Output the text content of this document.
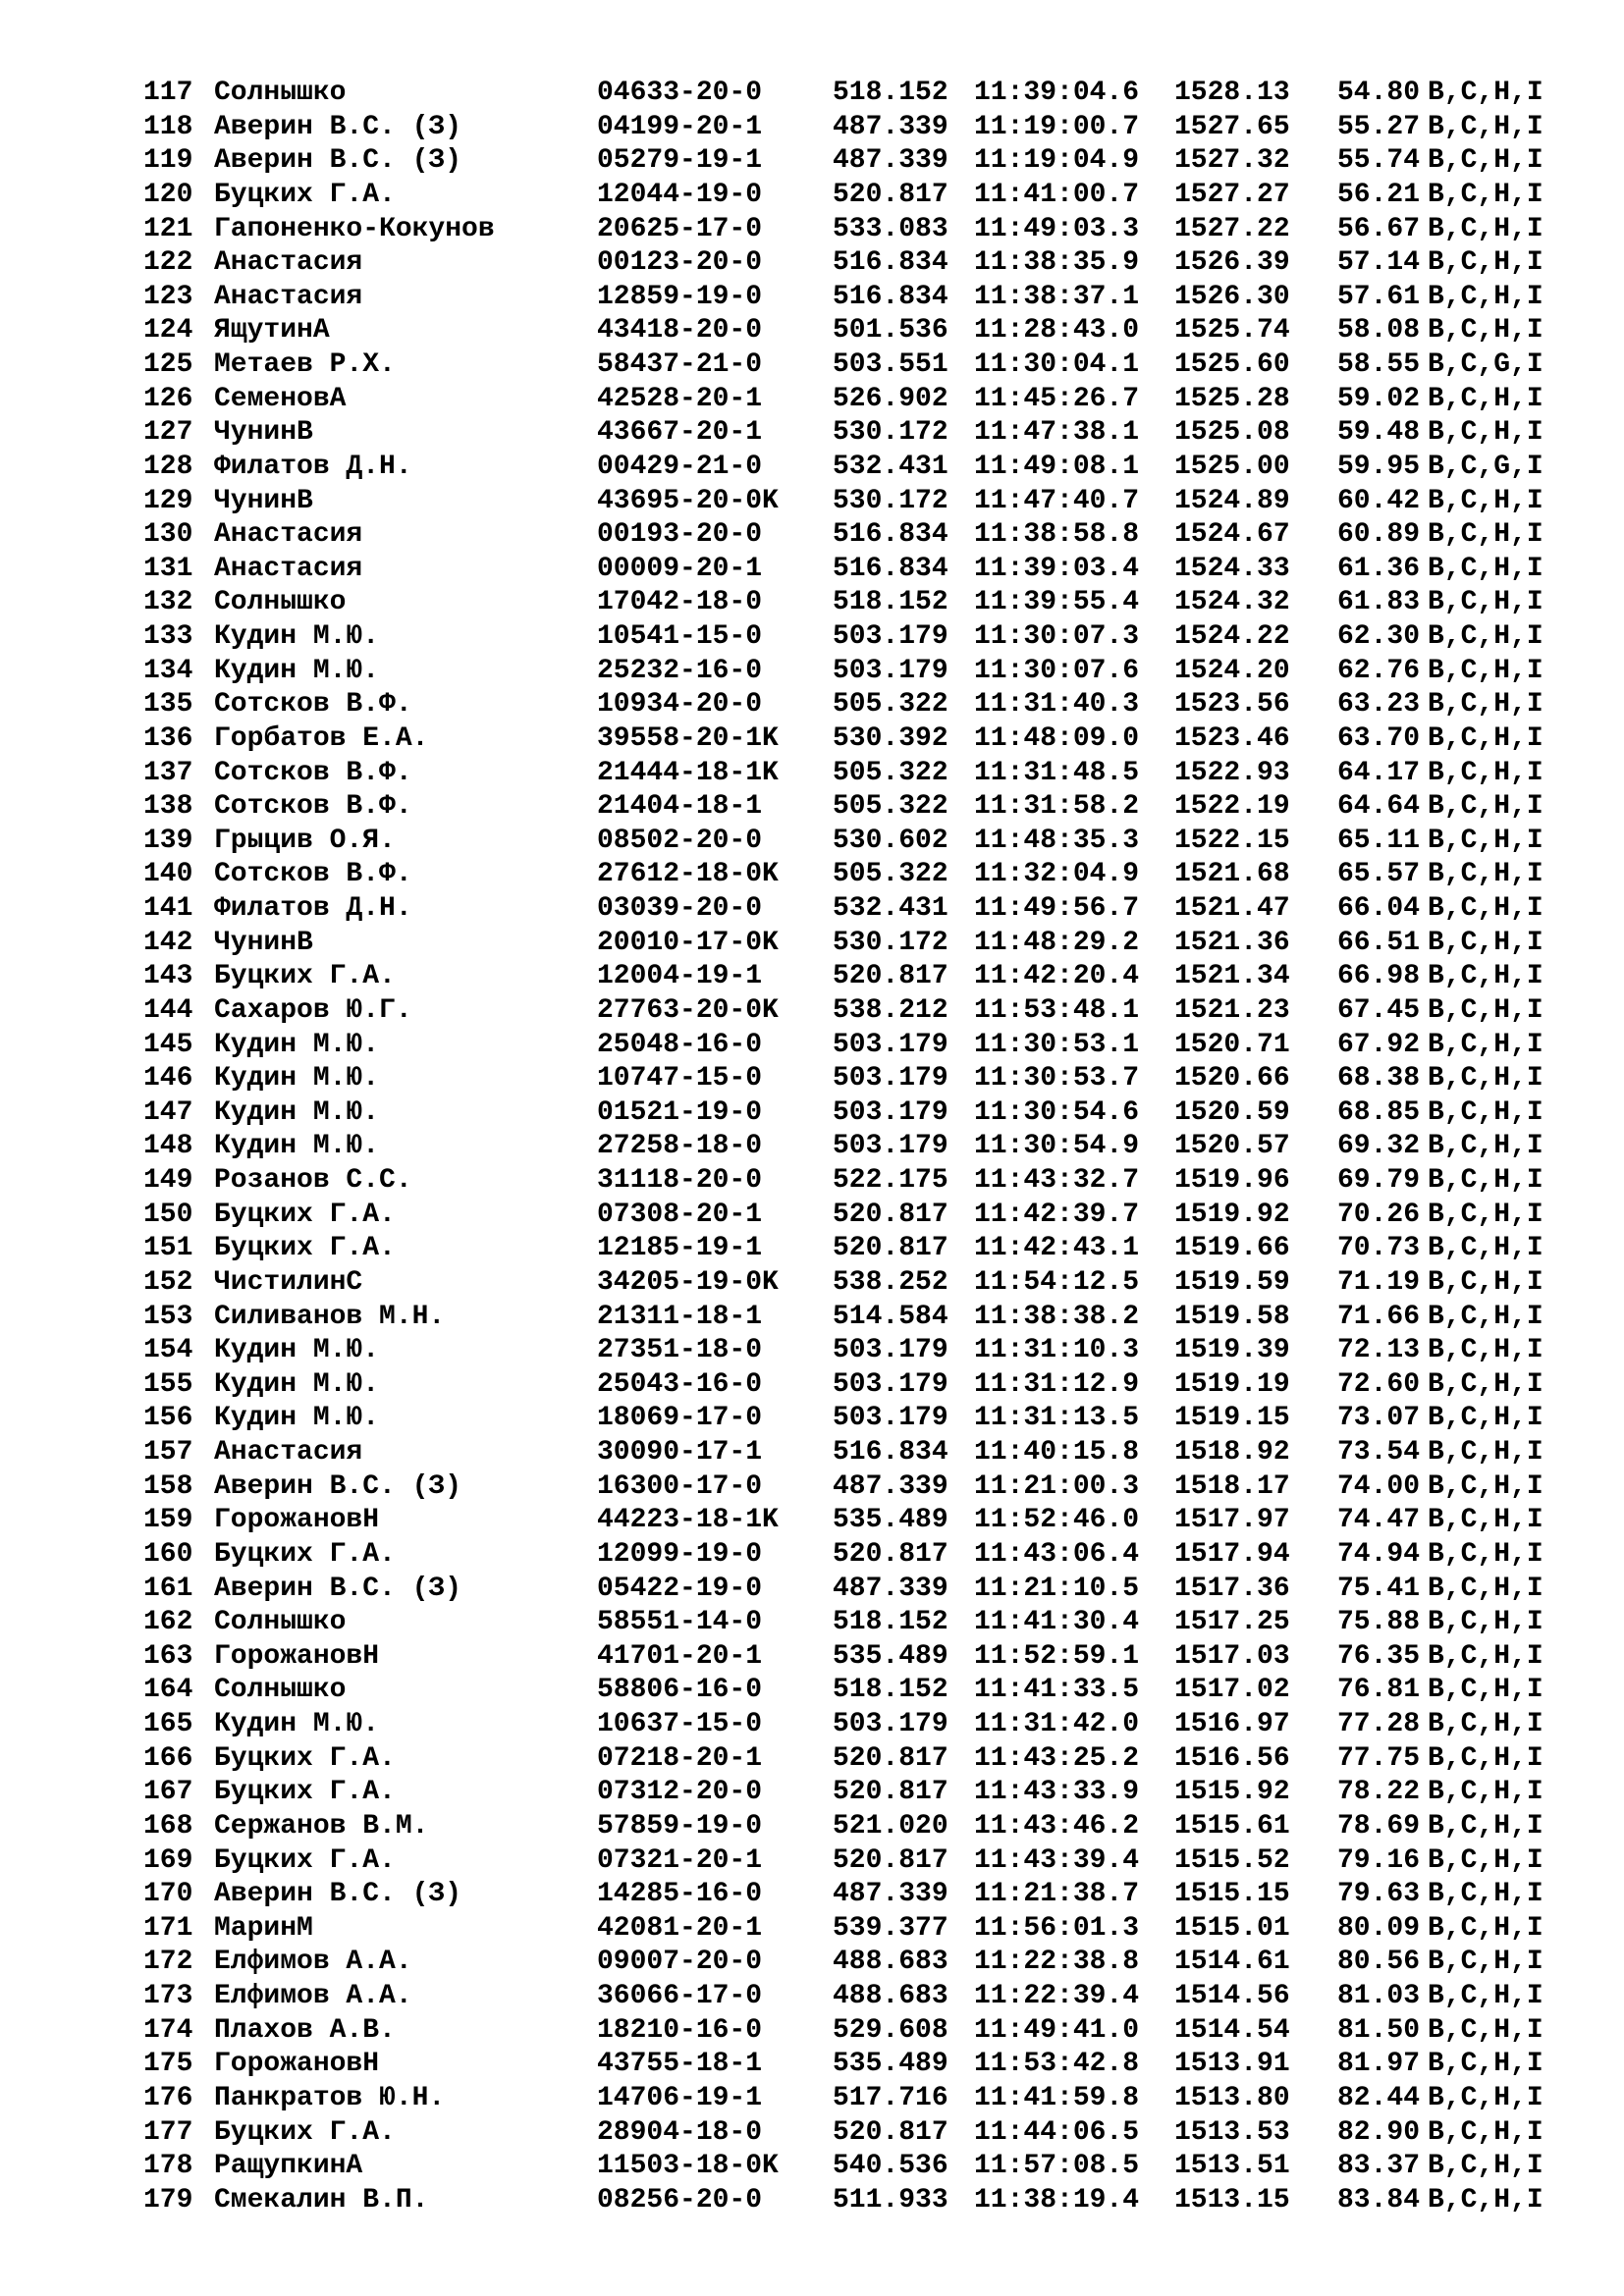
117 Солнышко	04633-20-0	518.152 11:39:04.6 1528.13 54.80 B,C,H,I
118 Аверин В.С. (З)	04199-20-1	487.339 11:19:00.7 1527.65 55.27 B,C,H,I
119 Аверин В.С. (З)	05279-19-1	487.339 11:19:04.9 1527.32 55.74 B,C,H,I
120 Буцких Г.А.	12044-19-0	520.817 11:41:00.7 1527.27 56.21 B,C,H,I
121 Гапоненко-Кокунов	20625-17-0	533.083 11:49:03.3 1527.22 56.67 B,C,H,I
122 Анастасия	00123-20-0	516.834 11:38:35.9 1526.39 57.14 B,C,H,I
123 Анастасия	12859-19-0	516.834 11:38:37.1 1526.30 57.61 B,C,H,I
124 ЯщутинА	43418-20-0	501.536 11:28:43.0 1525.74 58.08 B,C,H,I
125 Метаев Р.Х.	58437-21-0	503.551 11:30:04.1 1525.60 58.55 B,C,G,I
126 СеменовА	42528-20-1	526.902 11:45:26.7 1525.28 59.02 B,C,H,I
127 ЧунинВ	43667-20-1	530.172 11:47:38.1 1525.08 59.48 B,C,H,I
128 Филатов Д.Н.	00429-21-0	532.431 11:49:08.1 1525.00 59.95 B,C,G,I
129 ЧунинВ	43695-20-0K 530.172 11:47:40.7 1524.89 60.42 B,C,H,I
130 Анастасия	00193-20-0	516.834 11:38:58.8 1524.67 60.89 B,C,H,I
131 Анастасия	00009-20-1	516.834 11:39:03.4 1524.33 61.36 B,C,H,I
132 Солнышко	17042-18-0	518.152 11:39:55.4 1524.32 61.83 B,C,H,I
133 Кудин М.Ю.	10541-15-0	503.179 11:30:07.3 1524.22 62.30 B,C,H,I
134 Кудин М.Ю.	25232-16-0	503.179 11:30:07.6 1524.20 62.76 B,C,H,I
135 Сотсков В.Ф.	10934-20-0	505.322 11:31:40.3 1523.56 63.23 B,C,H,I
136 Горбатов Е.А.	39558-20-1K 530.392 11:48:09.0 1523.46 63.70 B,C,H,I
137 Сотсков В.Ф.	21444-18-1K 505.322 11:31:48.5 1522.93 64.17 B,C,H,I
138 Сотсков В.Ф.	21404-18-1	505.322 11:31:58.2 1522.19 64.64 B,C,H,I
139 Грыцив О.Я.	08502-20-0	530.602 11:48:35.3 1522.15 65.11 B,C,H,I
140 Сотсков В.Ф.	27612-18-0K 505.322 11:32:04.9 1521.68 65.57 B,C,H,I
141 Филатов Д.Н.	03039-20-0	532.431 11:49:56.7 1521.47 66.04 B,C,H,I
142 ЧунинВ	20010-17-0K 530.172 11:48:29.2 1521.36 66.51 B,C,H,I
143 Буцких Г.А.	12004-19-1	520.817 11:42:20.4 1521.34 66.98 B,C,H,I
144 Сахаров Ю.Г.	27763-20-0K 538.212 11:53:48.1 1521.23 67.45 B,C,H,I
145 Кудин М.Ю.	25048-16-0	503.179 11:30:53.1 1520.71 67.92 B,C,H,I
146 Кудин М.Ю.	10747-15-0	503.179 11:30:53.7 1520.66 68.38 B,C,H,I
147 Кудин М.Ю.	01521-19-0	503.179 11:30:54.6 1520.59 68.85 B,C,H,I
148 Кудин М.Ю.	27258-18-0	503.179 11:30:54.9 1520.57 69.32 B,C,H,I
149 Розанов С.С.	31118-20-0	522.175 11:43:32.7 1519.96 69.79 B,C,H,I
150 Буцких Г.А.	07308-20-1	520.817 11:42:39.7 1519.92 70.26 B,C,H,I
151 Буцких Г.А.	12185-19-1	520.817 11:42:43.1 1519.66 70.73 B,C,H,I
152 ЧистилинС	34205-19-0K 538.252 11:54:12.5 1519.59 71.19 B,C,H,I
153 Силиванов М.Н.	21311-18-1	514.584 11:38:38.2 1519.58 71.66 B,C,H,I
154 Кудин М.Ю.	27351-18-0	503.179 11:31:10.3 1519.39 72.13 B,C,H,I
155 Кудин М.Ю.	25043-16-0	503.179 11:31:12.9 1519.19 72.60 B,C,H,I
156 Кудин М.Ю.	18069-17-0	503.179 11:31:13.5 1519.15 73.07 B,C,H,I
157 Анастасия	30090-17-1	516.834 11:40:15.8 1518.92 73.54 B,C,H,I
158 Аверин В.С. (З)	16300-17-0	487.339 11:21:00.3 1518.17 74.00 B,C,H,I
159 ГорожановН	44223-18-1K 535.489 11:52:46.0 1517.97 74.47 B,C,H,I
160 Буцких Г.А.	12099-19-0	520.817 11:43:06.4 1517.94 74.94 B,C,H,I
161 Аверин В.С. (З)	05422-19-0	487.339 11:21:10.5 1517.36 75.41 B,C,H,I
162 Солнышко	58551-14-0	518.152 11:41:30.4 1517.25 75.88 B,C,H,I
163 ГорожановН	41701-20-1	535.489 11:52:59.1 1517.03 76.35 B,C,H,I
164 Солнышко	58806-16-0	518.152 11:41:33.5 1517.02 76.81 B,C,H,I
165 Кудин М.Ю.	10637-15-0	503.179 11:31:42.0 1516.97 77.28 B,C,H,I
166 Буцких Г.А.	07218-20-1	520.817 11:43:25.2 1516.56 77.75 B,C,H,I
167 Буцких Г.А.	07312-20-0	520.817 11:43:33.9 1515.92 78.22 B,C,H,I
168 Сержанов В.М.	57859-19-0	521.020 11:43:46.2 1515.61 78.69 B,C,H,I
169 Буцких Г.А.	07321-20-1	520.817 11:43:39.4 1515.52 79.16 B,C,H,I
170 Аверин В.С. (З)	14285-16-0	487.339 11:21:38.7 1515.15 79.63 B,C,H,I
171 МаринМ	42081-20-1	539.377 11:56:01.3 1515.01 80.09 B,C,H,I
172 Елфимов А.А.	09007-20-0	488.683 11:22:38.8 1514.61 80.56 B,C,H,I
173 Елфимов А.А.	36066-17-0	488.683 11:22:39.4 1514.56 81.03 B,C,H,I
174 Плахов А.В.	18210-16-0	529.608 11:49:41.0 1514.54 81.50 B,C,H,I
175 ГорожановН	43755-18-1	535.489 11:53:42.8 1513.91 81.97 B,C,H,I
176 Панкратов Ю.Н.	14706-19-1	517.716 11:41:59.8 1513.80 82.44 B,C,H,I
177 Буцких Г.А.	28904-18-0	520.817 11:44:06.5 1513.53 82.90 B,C,H,I
178 РащупкинА	11503-18-0K 540.536 11:57:08.5 1513.51 83.37 B,C,H,I
179 Смекалин В.П.	08256-20-0	511.933 11:38:19.4 1513.15 83.84 B,C,H,I
